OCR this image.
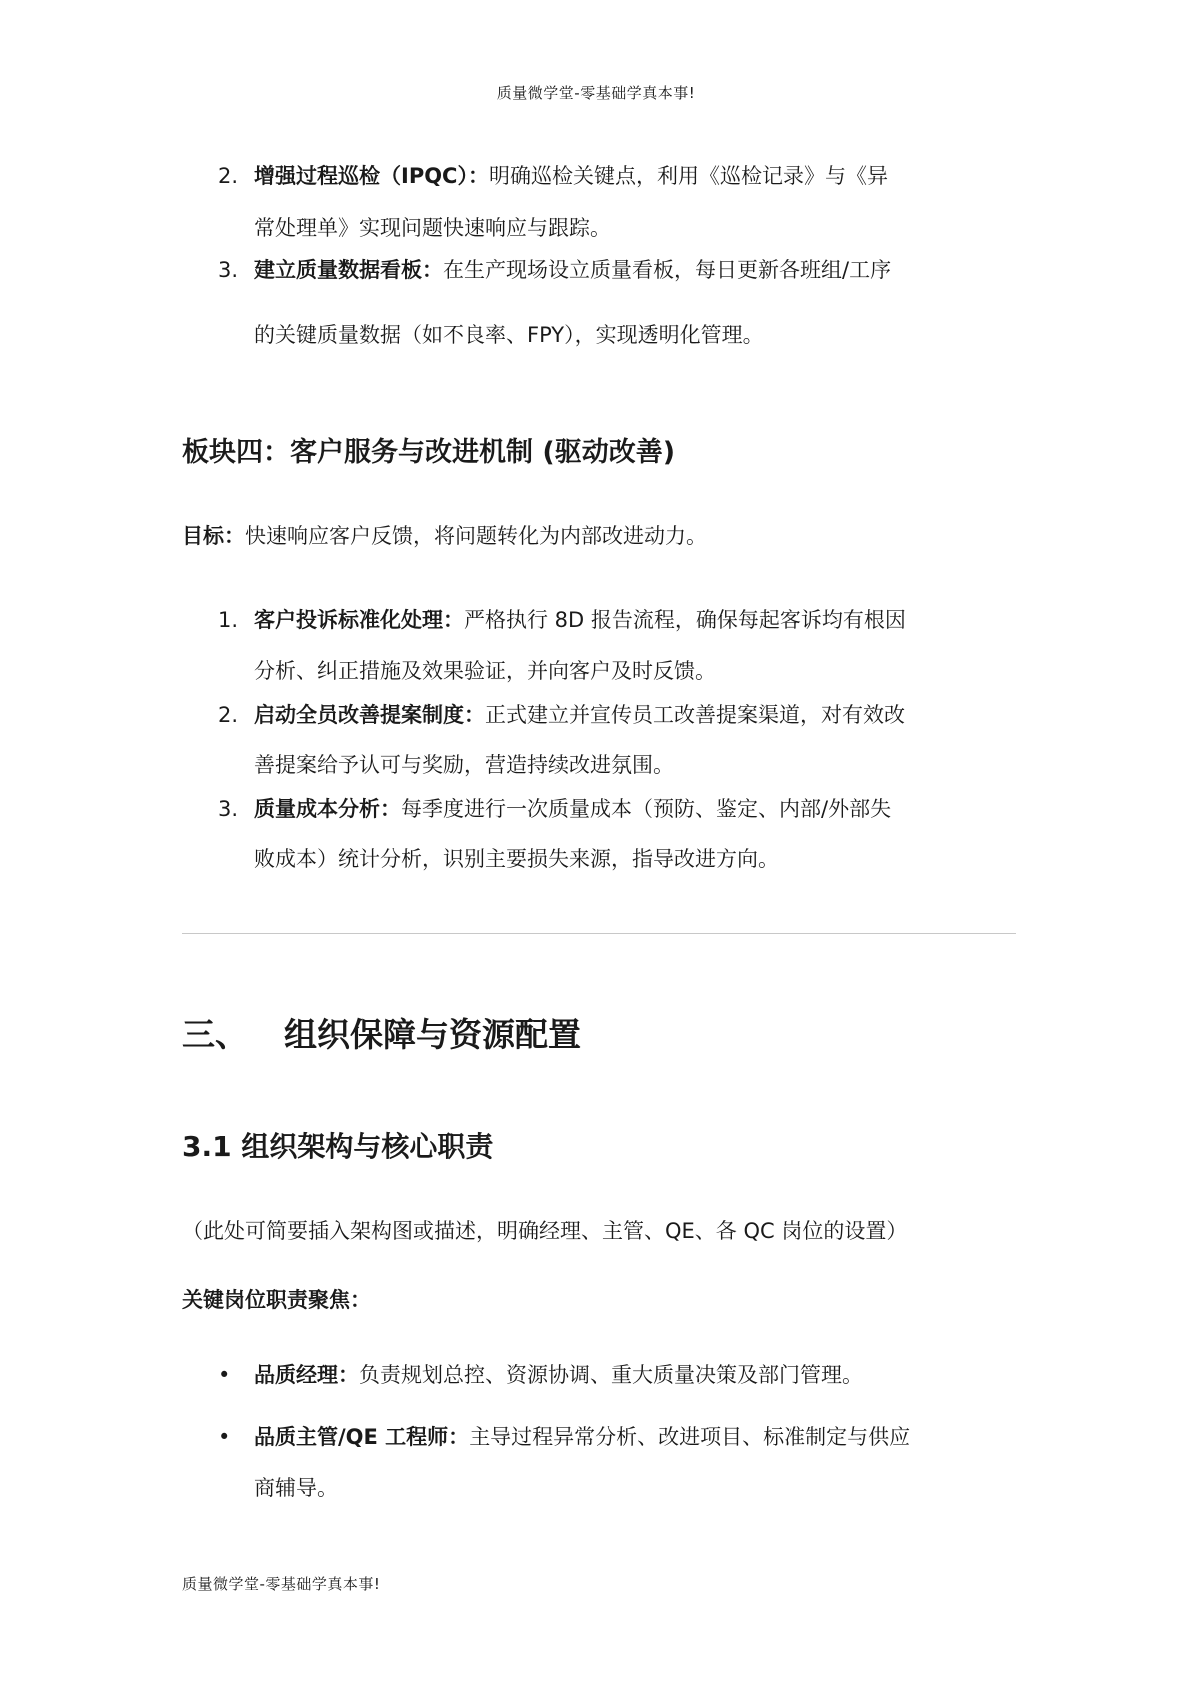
质量微学堂-零基础学真本事!
2. 增强过程巡检（IPQC）：明确巡检关键点，利用《巡检记录》与《异
常处理单》实现问题快速响应与跟踪。
3. 建立质量数据看板：在生产现场设立质量看板，每日更新各班组/工序
的关键质量数据（如不良率、FPY），实现透明化管理。
板块四：客户服务与改进机制 (驱动改善)
目标：快速响应客户反馈，将问题转化为内部改进动力。
1. 客户投诉标准化处理：严格执行 8D 报告流程，确保每起客诉均有根因
分析、纠正措施及效果验证，并向客户及时反馈。
2. 启动全员改善提案制度：正式建立并宣传员工改善提案渠道，对有效改
善提案给予认可与奖励，营造持续改进氛围。
3. 质量成本分析：每季度进行一次质量成本（预防、鉴定、内部/外部失
败成本）统计分析，识别主要损失来源，指导改进方向。
三、 组织保障与资源配置
3.1 组织架构与核心职责
（此处可简要插入架构图或描述，明确经理、主管、QE、各 QC 岗位的设置）
关键岗位职责聚焦：
• 品质经理：负责规划总控、资源协调、重大质量决策及部门管理。
• 品质主管/QE 工程师：主导过程异常分析、改进项目、标准制定与供应
商辅导。
质量微学堂-零基础学真本事!
